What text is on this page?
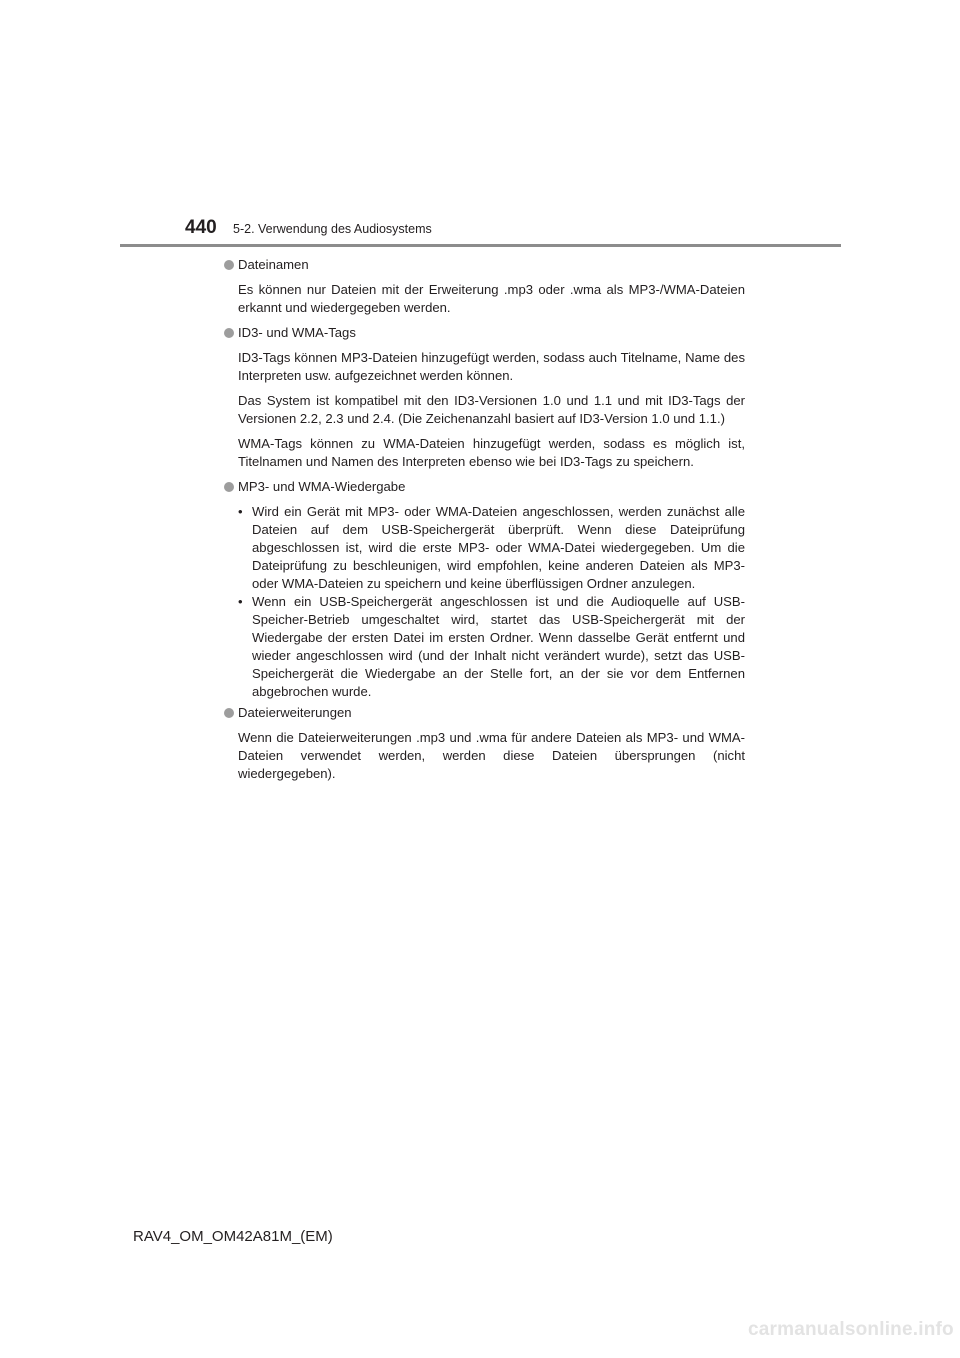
440 5-2. Verwendung des Audiosystems

Dateinamen

Es können nur Dateien mit der Erweiterung .mp3 oder .wma als MP3-/WMA-Dateien erkannt und wiedergegeben werden.

ID3- und WMA-Tags

ID3-Tags können MP3-Dateien hinzugefügt werden, sodass auch Titelname, Name des Interpreten usw. aufgezeichnet werden können.

Das System ist kompatibel mit den ID3-Versionen 1.0 und 1.1 und mit ID3-Tags der Versionen 2.2, 2.3 und 2.4. (Die Zeichenanzahl basiert auf ID3-Version 1.0 und 1.1.)

WMA-Tags können zu WMA-Dateien hinzugefügt werden, sodass es möglich ist, Titelnamen und Namen des Interpreten ebenso wie bei ID3-Tags zu speichern.

MP3- und WMA-Wiedergabe

• Wird ein Gerät mit MP3- oder WMA-Dateien angeschlossen, werden zunächst alle Dateien auf dem USB-Speichergerät überprüft. Wenn diese Dateiprüfung abgeschlossen ist, wird die erste MP3- oder WMA-Datei wiedergegeben. Um die Dateiprüfung zu beschleunigen, wird empfohlen, keine anderen Dateien als MP3- oder WMA-Dateien zu speichern und keine überflüssigen Ordner anzulegen.
• Wenn ein USB-Speichergerät angeschlossen ist und die Audioquelle auf USB-Speicher-Betrieb umgeschaltet wird, startet das USB-Speichergerät mit der Wiedergabe der ersten Datei im ersten Ordner. Wenn dasselbe Gerät entfernt und wieder angeschlossen wird (und der Inhalt nicht verändert wurde), setzt das USB-Speichergerät die Wiedergabe an der Stelle fort, an der sie vor dem Entfernen abgebrochen wurde.

Dateierweiterungen

Wenn die Dateierweiterungen .mp3 und .wma für andere Dateien als MP3- und WMA-Dateien verwendet werden, werden diese Dateien übersprungen (nicht wiedergegeben).

RAV4_OM_OM42A81M_(EM)
carmanualsonline.info
